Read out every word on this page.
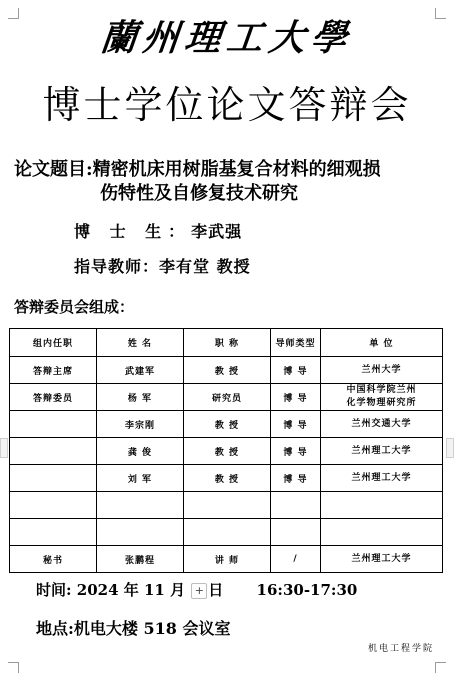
蘭州理工大學
博士学位论文答辩会
论文题目:精密机床用树脂基复合材料的细观损
伤特性及自修复技术研究
博 士 生：李武强
指导教师：李有堂 教授
答辩委员会组成：
组内任职	姓 名	职 称	导师类型	单 位
答辩主席	武建军	教 授	博 导	兰州大学
答辩委员	杨 军	研究员	博 导	中国科学院兰州
化学物理研究所
	李宗刚	教 授	博 导	兰州交通大学
	龚 俊	教 授	博 导	兰州理工大学
	刘 军	教 授	博 导	兰州理工大学

秘书	张鹏程	讲 师	/	兰州理工大学
时间: 2024 年 11 月 + 日 16:30-17:30
地点:机电大楼 518 会议室
机电工程学院
